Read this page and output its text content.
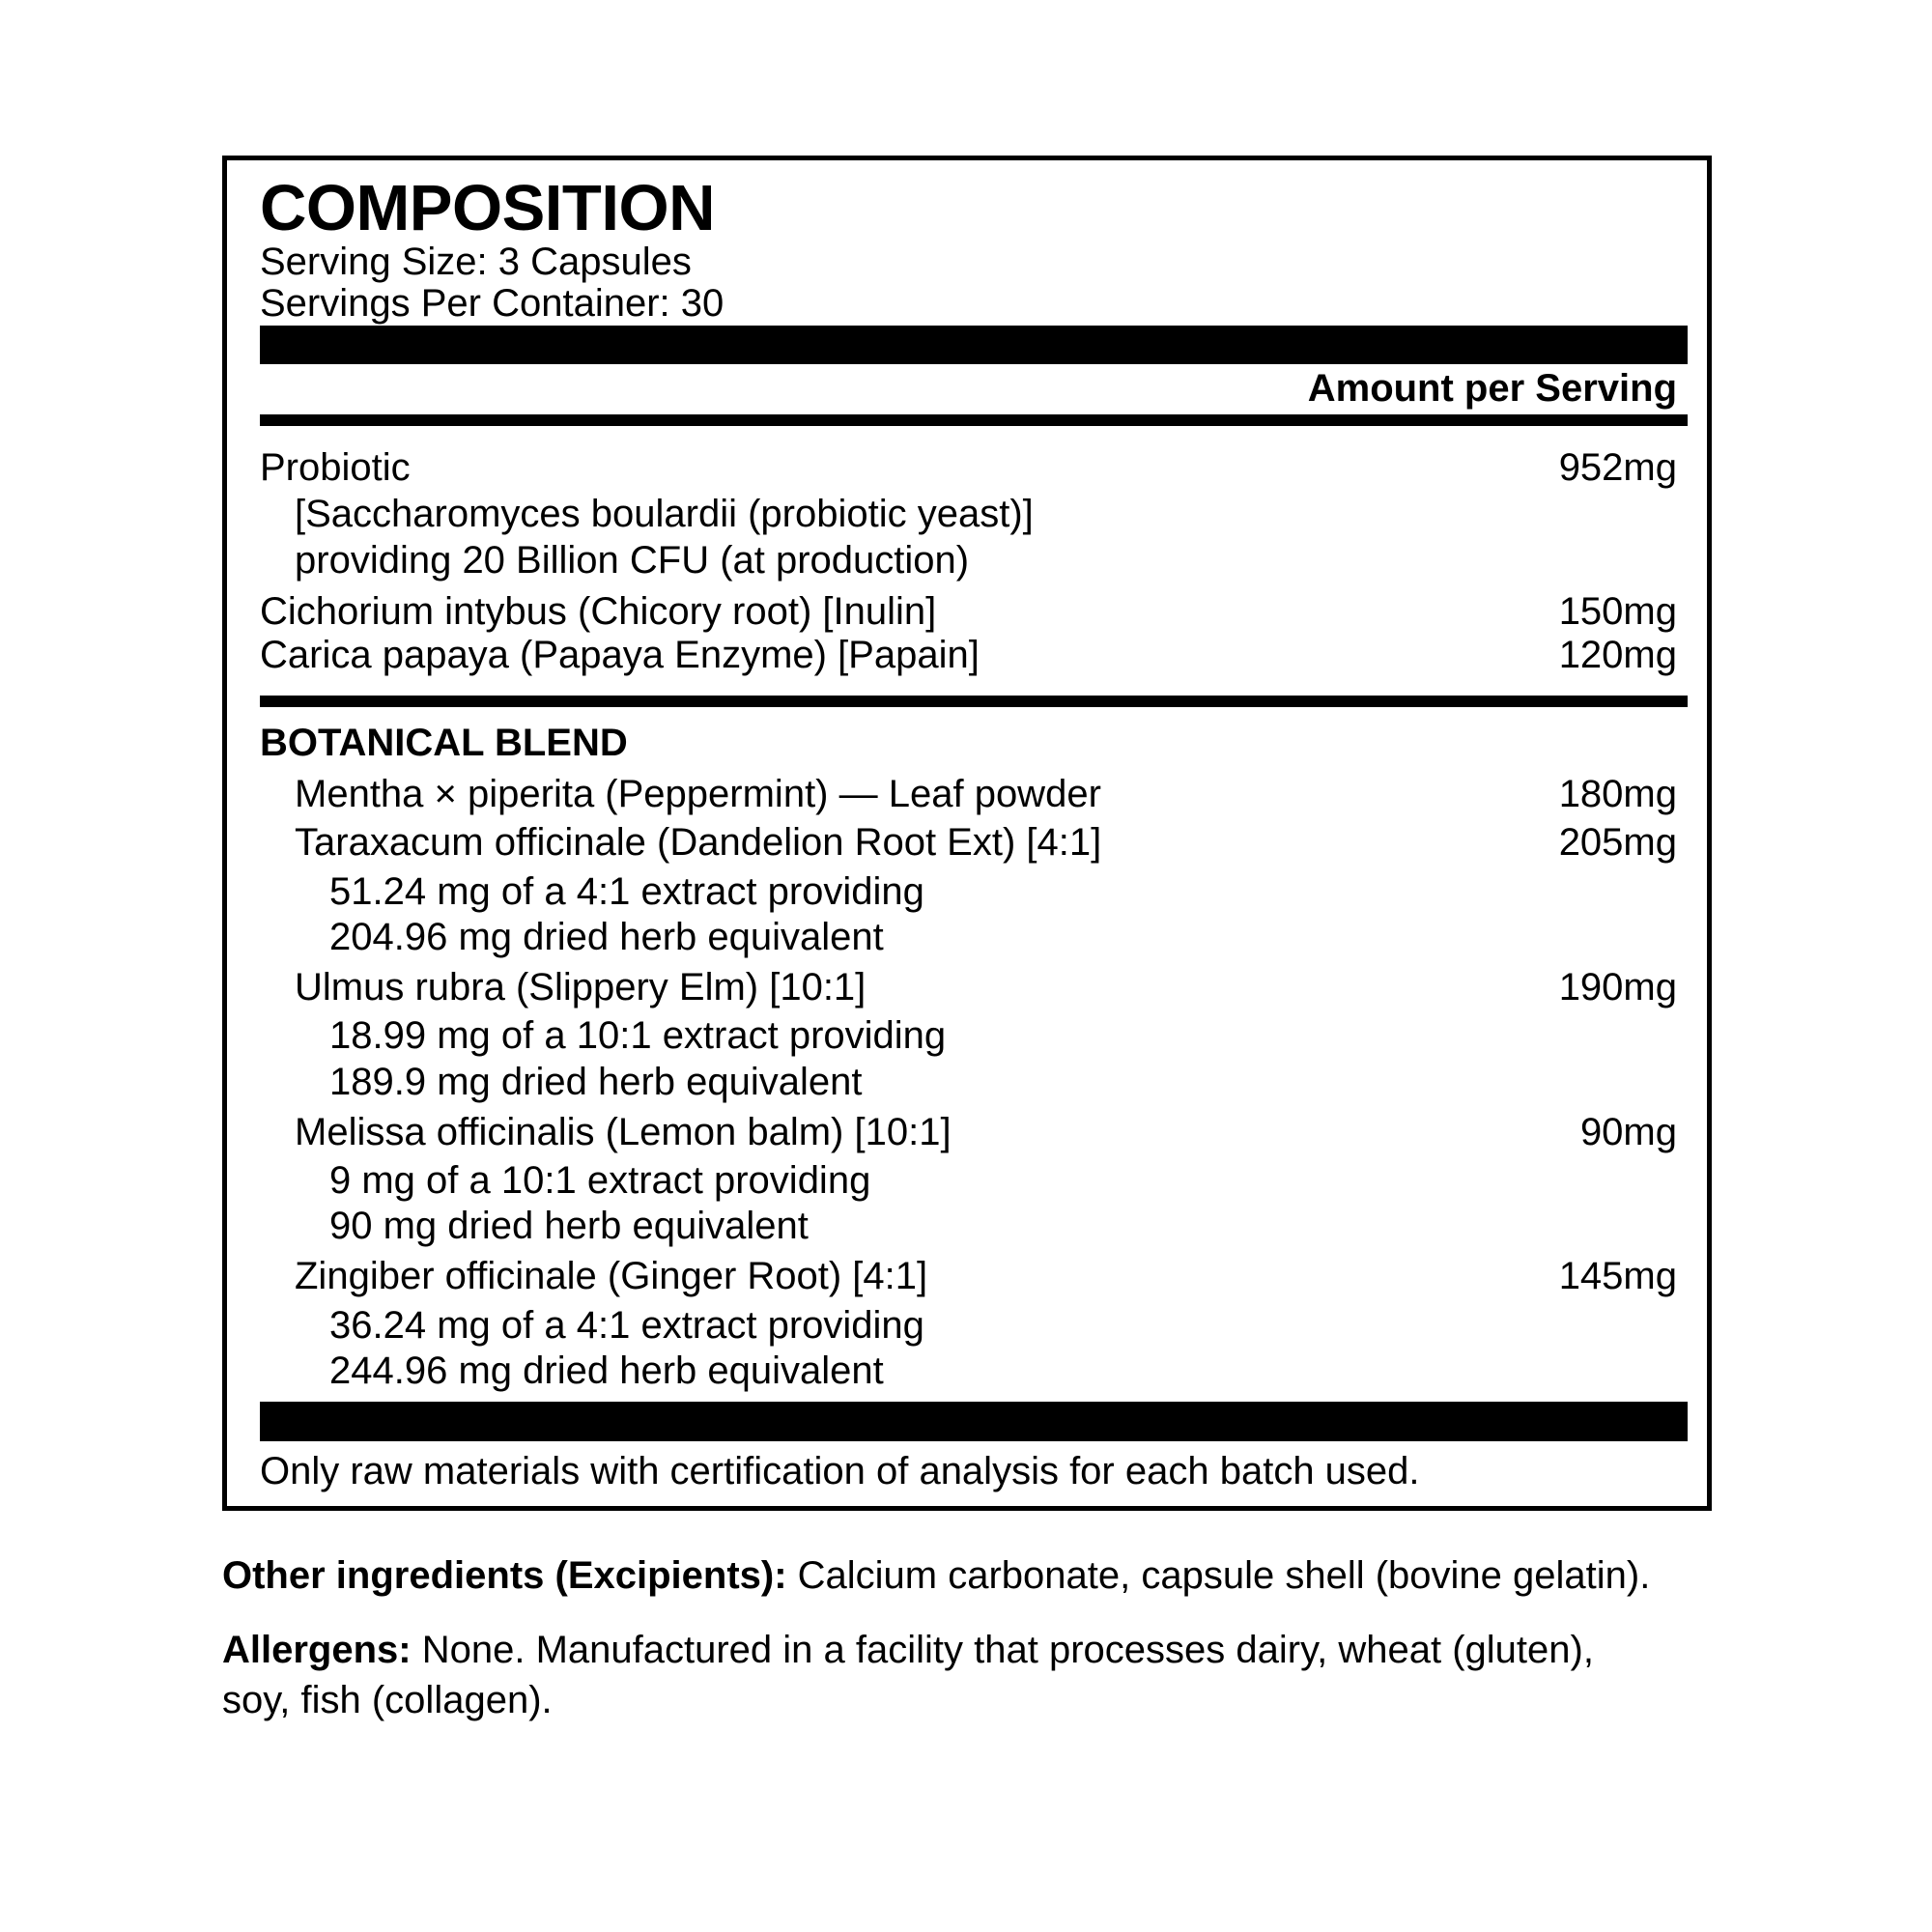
COMPOSITION
Serving Size: 3 Capsules
Servings Per Container: 30
Amount per Serving
Probiotic	952mg
[Saccharomyces boulardii (probiotic yeast)]
providing 20 Billion CFU (at production)
Cichorium intybus (Chicory root) [Inulin]	150mg
Carica papaya (Papaya Enzyme) [Papain]	120mg
BOTANICAL BLEND
Mentha × piperita (Peppermint) — Leaf powder	180mg
Taraxacum officinale (Dandelion Root Ext) [4:1]	205mg
51.24 mg of a 4:1 extract providing
204.96 mg dried herb equivalent
Ulmus rubra (Slippery Elm) [10:1]	190mg
18.99 mg of a 10:1 extract providing
189.9 mg dried herb equivalent
Melissa officinalis (Lemon balm) [10:1]	90mg
9 mg of a 10:1 extract providing
90 mg dried herb equivalent
Zingiber officinale (Ginger Root) [4:1]	145mg
36.24 mg of a 4:1 extract providing
244.96 mg dried herb equivalent
Only raw materials with certification of analysis for each batch used.
Other ingredients (Excipients): Calcium carbonate, capsule shell (bovine gelatin).
Allergens: None. Manufactured in a facility that processes dairy, wheat (gluten), soy, fish (collagen).
